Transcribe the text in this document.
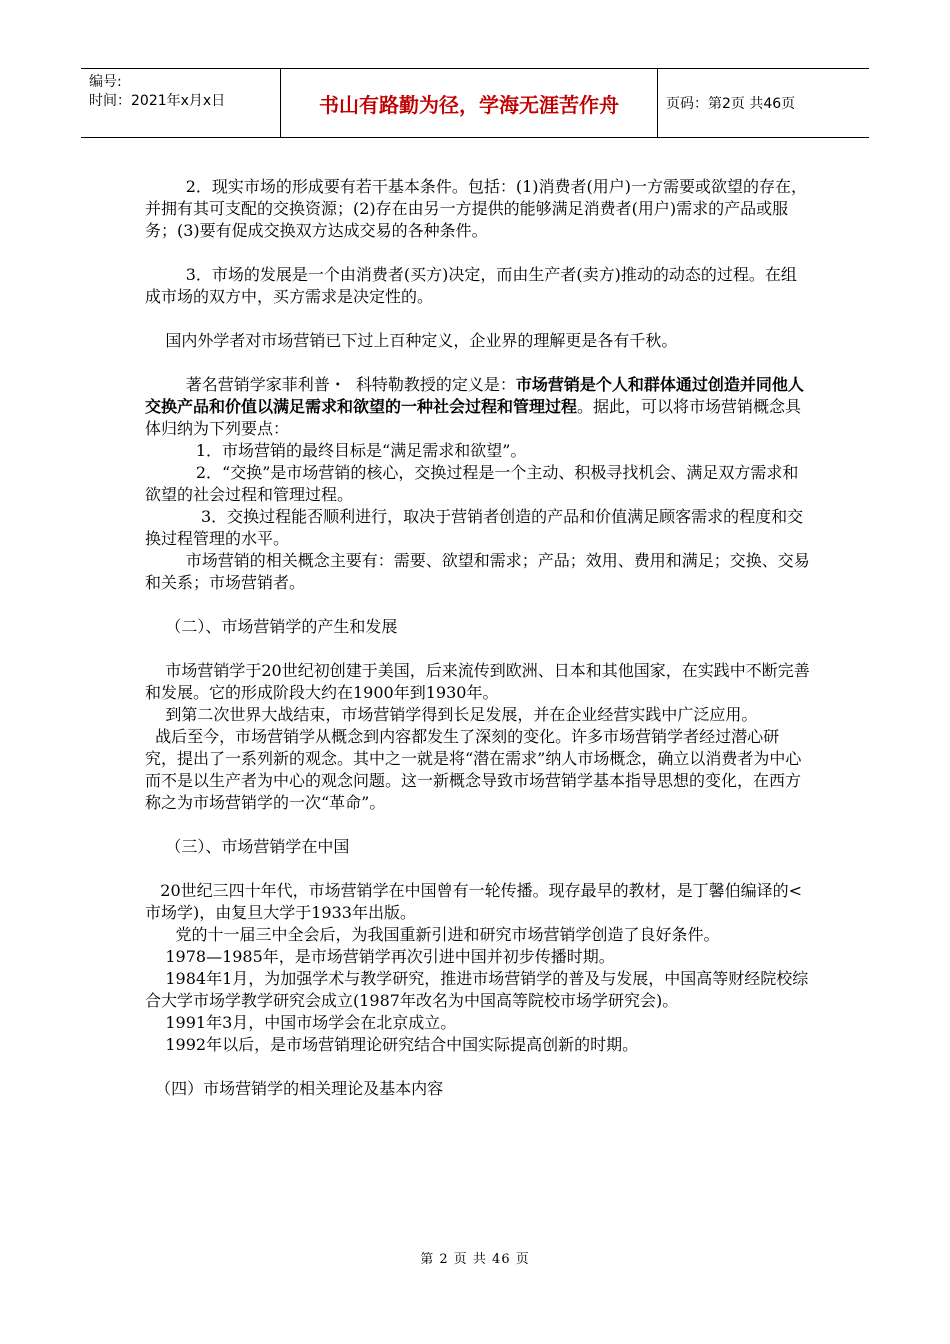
编号:
时间：2021年x月x日	书山有路勤为径，学海无涯苦作舟	页码：第2页 共46页

2．现实市场的形成要有若干基本条件。包括：(1)消费者(用户)一方需要或欲望的存在，并拥有其可支配的交换资源；(2)存在由另一方提供的能够满足消费者(用户)需求的产品或服务；(3)要有促成交换双方达成交易的各种条件。

3．市场的发展是一个由消费者(买方)决定，而由生产者(卖方)推动的动态的过程。在组成市场的双方中，买方需求是决定性的。

国内外学者对市场营销已下过上百种定义，企业界的理解更是各有千秋。

著名营销学家菲利普・  科特勒教授的定义是：市场营销是个人和群体通过创造并同他人交换产品和价值以满足需求和欲望的一种社会过程和管理过程。据此，可以将市场营销概念具体归纳为下列要点：

1．市场营销的最终目标是“满足需求和欲望”。

2．“交换”是市场营销的核心，交换过程是一个主动、积极寻找机会、满足双方需求和欲望的社会过程和管理过程。

3．交换过程能否顺利进行，取决于营销者创造的产品和价值满足顾客需求的程度和交换过程管理的水平。

市场营销的相关概念主要有：需要、欲望和需求；产品；效用、费用和满足；交换、交易和关系；市场营销者。

（二）、市场营销学的产生和发展

市场营销学于20世纪初创建于美国，后来流传到欧洲、日本和其他国家，在实践中不断完善和发展。它的形成阶段大约在1900年到1930年。

到第二次世界大战结束，市场营销学得到长足发展，并在企业经营实践中广泛应用。

战后至今，市场营销学从概念到内容都发生了深刻的变化。许多市场营销学者经过潜心研究，提出了一系列新的观念。其中之一就是将“潜在需求”纳人市场概念，确立以消费者为中心而不是以生产者为中心的观念问题。这一新概念导致市场营销学基本指导思想的变化，在西方称之为市场营销学的一次“革命”。

（三）、市场营销学在中国

20世纪三四十年代，市场营销学在中国曾有一轮传播。现存最早的教材，是丁馨伯编译的<市场学)，由复旦大学于1933年出版。

党的十一届三中全会后，为我国重新引进和研究市场营销学创造了良好条件。

1978—1985年，是市场营销学再次引进中国并初步传播时期。

1984年1月，为加强学术与教学研究，推进市场营销学的普及与发展，中国高等财经院校综合大学市场学教学研究会成立(1987年改名为中国高等院校市场学研究会)。

1991年3月，中国市场学会在北京成立。

1992年以后，是市场营销理论研究结合中国实际提高创新的时期。

（四）市场营销学的相关理论及基本内容

第 2 页 共 46 页
